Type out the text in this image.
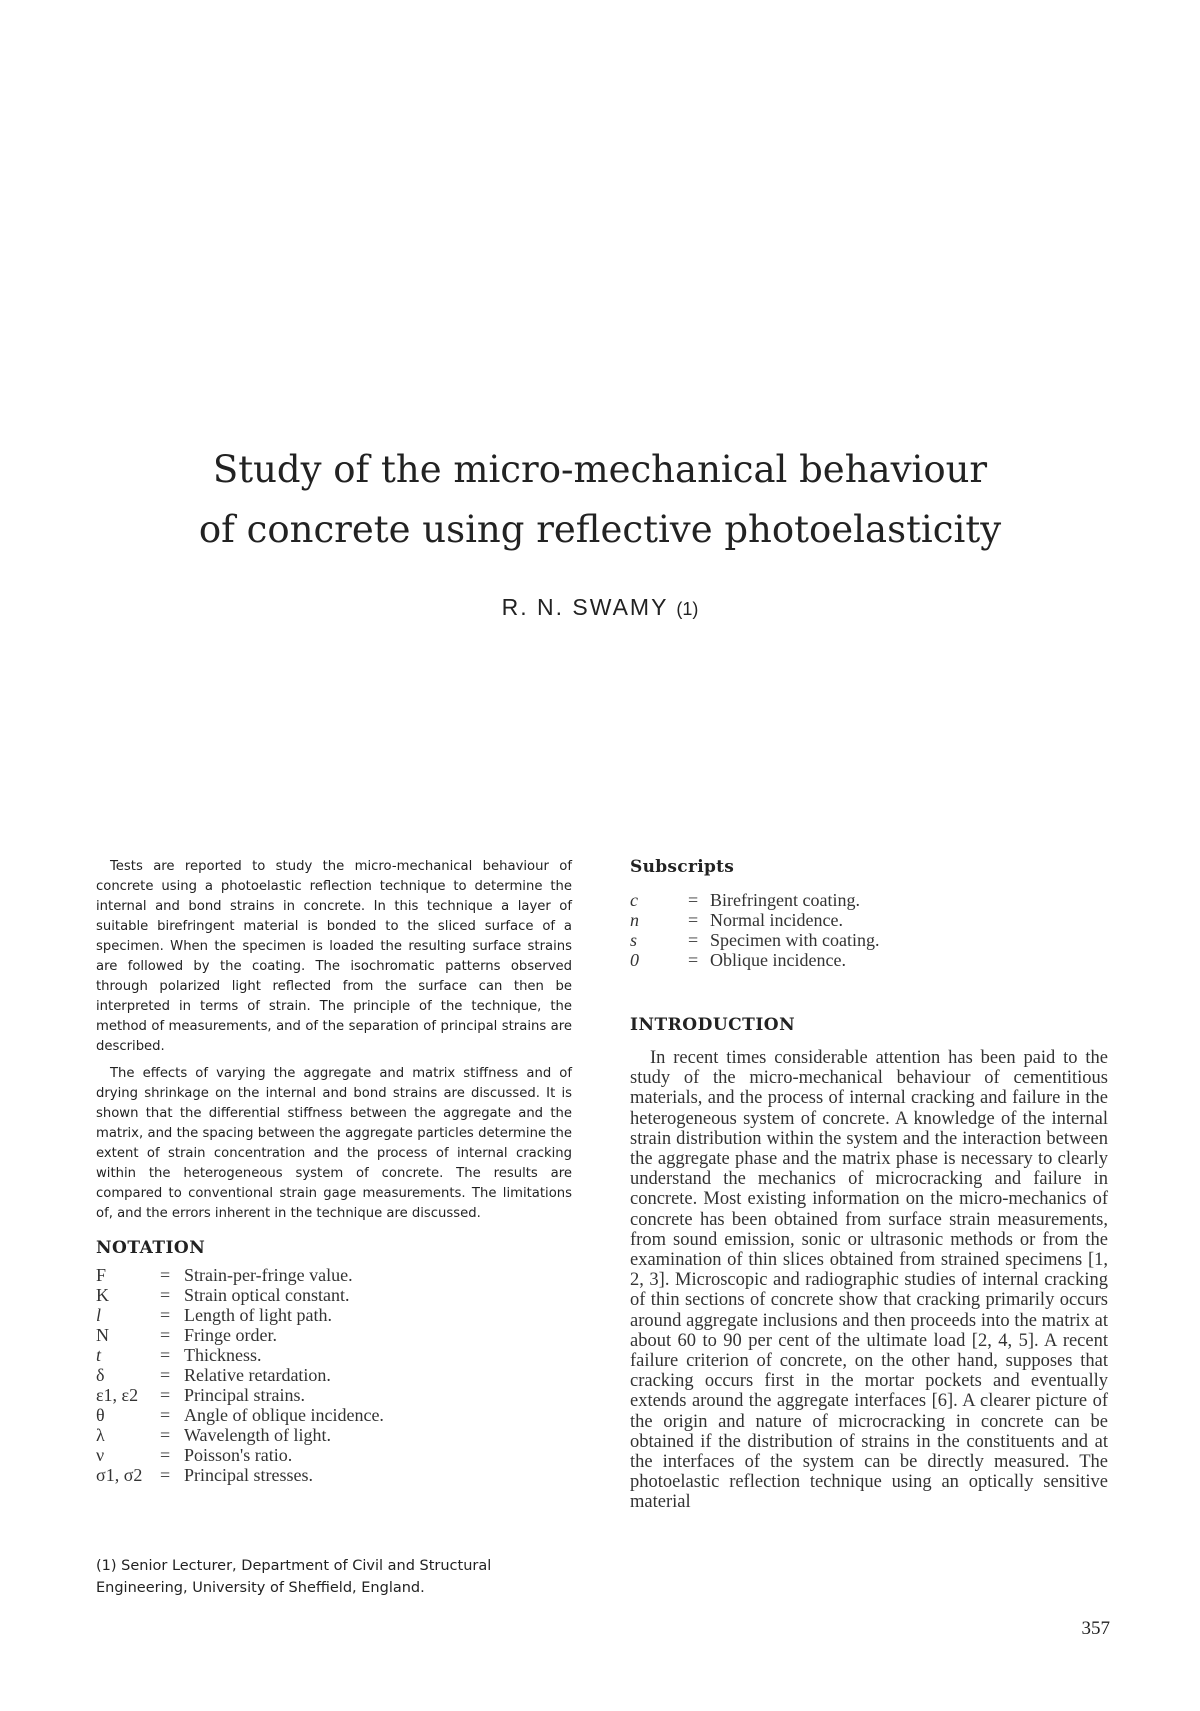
Study of the micro-mechanical behaviour
of concrete using reflective photoelasticity
R. N. SWAMY (1)

Tests are reported to study the micro-mechanical behaviour of concrete using a photoelastic reflection technique to determine the internal and bond strains in concrete. In this technique a layer of suitable birefringent material is bonded to the sliced surface of a specimen. When the specimen is loaded the resulting surface strains are followed by the coating. The isochromatic patterns observed through polarized light reflected from the surface can then be interpreted in terms of strain. The principle of the technique, the method of measurements, and of the separation of principal strains are described.

The effects of varying the aggregate and matrix stiffness and of drying shrinkage on the internal and bond strains are discussed. It is shown that the differential stiffness between the aggregate and the matrix, and the spacing between the aggregate particles determine the extent of strain concentration and the process of internal cracking within the heterogeneous system of concrete. The results are compared to conventional strain gage measurements. The limitations of, and the errors inherent in the technique are discussed.

NOTATION
F	= Strain-per-fringe value.
K	= Strain optical constant.
l	= Length of light path.
N	= Fringe order.
t	= Thickness.
δ	= Relative retardation.
ε1, ε2	= Principal strains.
θ	= Angle of oblique incidence.
λ	= Wavelength of light.
ν	= Poisson's ratio.
σ1, σ2 = Principal stresses.
(1) Senior Lecturer, Department of Civil and Structural Engineering, University of Sheffield, England.
Subscripts
c	= Birefringent coating.
n	= Normal incidence.
s	= Specimen with coating.
0	= Oblique incidence.
INTRODUCTION

In recent times considerable attention has been paid to the study of the micro-mechanical behaviour of cementitious materials, and the process of internal cracking and failure in the heterogeneous system of concrete. A knowledge of the internal strain distribution within the system and the interaction between the aggregate phase and the matrix phase is necessary to clearly understand the mechanics of microcracking and failure in concrete. Most existing information on the micro-mechanics of concrete has been obtained from surface strain measurements, from sound emission, sonic or ultrasonic methods or from the examination of thin slices obtained from strained specimens [1, 2, 3]. Microscopic and radiographic studies of internal cracking of thin sections of concrete show that cracking primarily occurs around aggregate inclusions and then proceeds into the matrix at about 60 to 90 per cent of the ultimate load [2, 4, 5]. A recent failure criterion of concrete, on the other hand, supposes that cracking occurs first in the mortar pockets and eventually extends around the aggregate interfaces [6]. A clearer picture of the origin and nature of microcracking in concrete can be obtained if the distribution of strains in the constituents and at the interfaces of the system can be directly measured. The photoelastic reflection technique using an optically sensitive material

357
